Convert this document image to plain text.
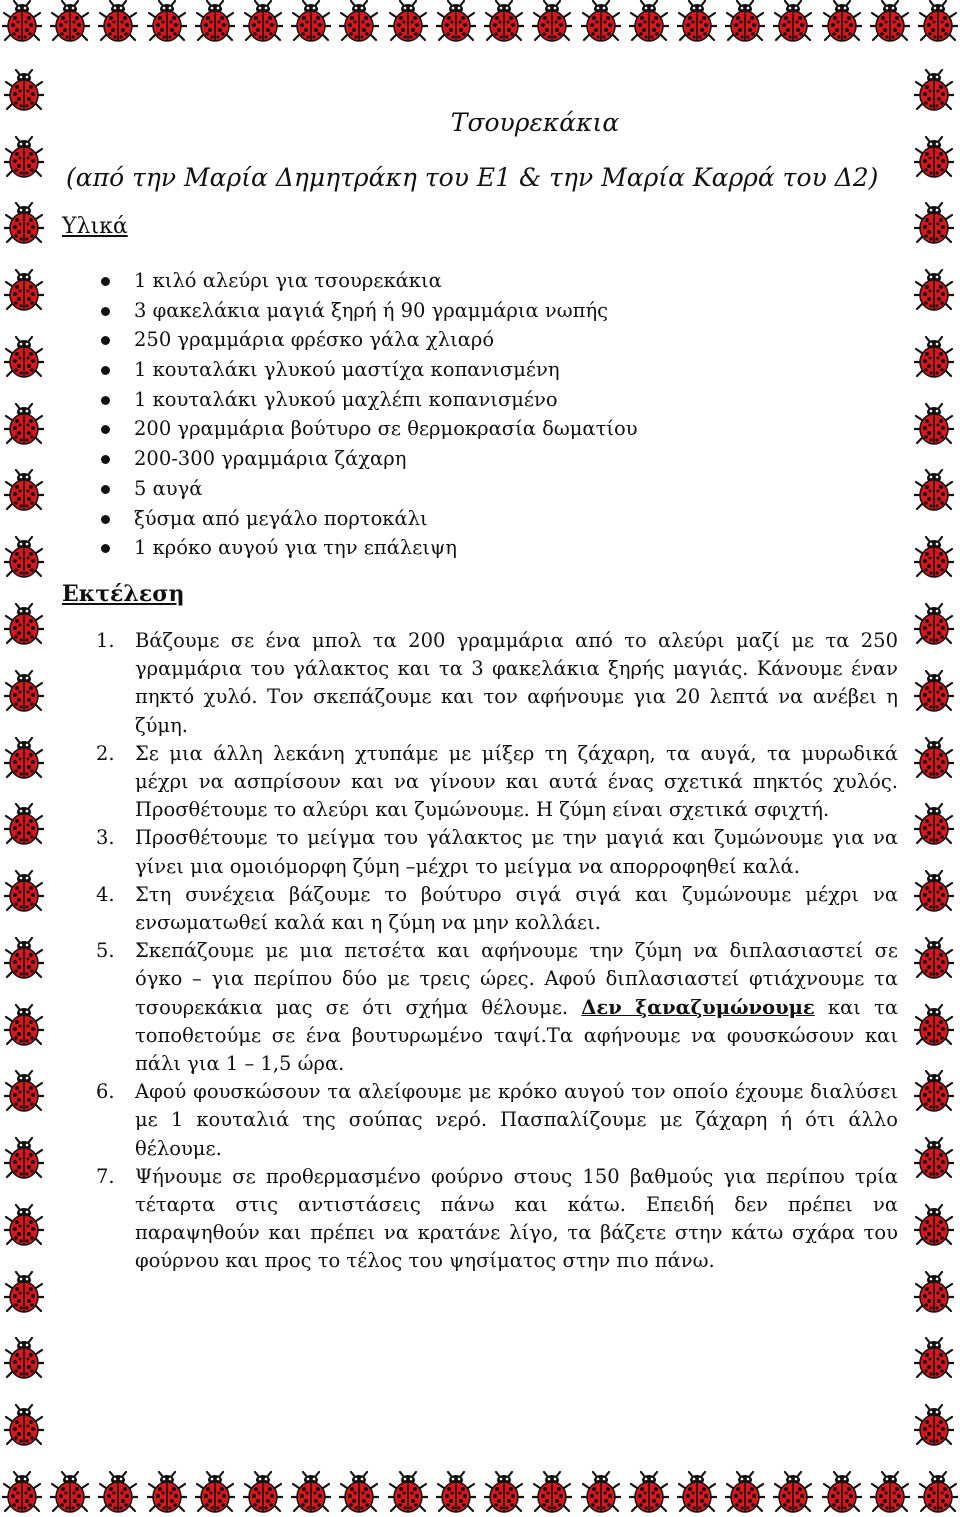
Τσουρεκάκια
(από την Μαρία Δημητράκη του Ε1 & την Μαρία Καρρά του Δ2)
Υλικά
1 κιλό αλεύρι για τσουρεκάκια
3 φακελάκια μαγιά ξηρή ή 90 γραμμάρια νωπής
250 γραμμάρια φρέσκο γάλα χλιαρό
1 κουταλάκι γλυκού μαστίχα κοπανισμένη
1 κουταλάκι γλυκού μαχλέπι κοπανισμένο
200 γραμμάρια βούτυρο σε θερμοκρασία δωματίου
200-300 γραμμάρια ζάχαρη
5 αυγά
ξύσμα από μεγάλο πορτοκάλι
1 κρόκο αυγού για την επάλειψη
Εκτέλεση
1. Βάζουμε σε ένα μπολ τα 200 γραμμάρια από το αλεύρι μαζί με τα 250 γραμμάρια του γάλακτος και τα 3 φακελάκια ξηρής μαγιάς. Κάνουμε έναν πηκτό χυλό. Τον σκεπάζουμε και τον αφήνουμε για 20 λεπτά να ανέβει η ζύμη.
2. Σε μια άλλη λεκάνη χτυπάμε με μίξερ τη ζάχαρη, τα αυγά, τα μυρωδικά μέχρι να ασπρίσουν και να γίνουν και αυτά ένας σχετικά πηκτός χυλός. Προσθέτουμε το αλεύρι και ζυμώνουμε. Η ζύμη είναι σχετικά σφιχτή.
3. Προσθέτουμε το μείγμα του γάλακτος με την μαγιά και ζυμώνουμε για να γίνει μια ομοιόμορφη ζύμη –μέχρι το μείγμα να απορροφηθεί καλά.
4. Στη συνέχεια βάζουμε το βούτυρο σιγά σιγά και ζυμώνουμε μέχρι να ενσωματωθεί καλά και η ζύμη να μην κολλάει.
5. Σκεπάζουμε με μια πετσέτα και αφήνουμε την ζύμη να διπλασιαστεί σε όγκο – για περίπου δύο με τρεις ώρες. Αφού διπλασιαστεί φτιάχνουμε τα τσουρεκάκια μας σε ότι σχήμα θέλουμε. Δεν ξαναζυμώνουμε και τα τοποθετούμε σε ένα βουτυρωμένο ταψί.Τα αφήνουμε να φουσκώσουν και πάλι για 1 – 1,5 ώρα.
6. Αφού φουσκώσουν τα αλείφουμε με κρόκο αυγού τον οποίο έχουμε διαλύσει με 1 κουταλιά της σούπας νερό. Πασπαλίζουμε με ζάχαρη ή ότι άλλο θέλουμε.
7. Ψήνουμε σε προθερμασμένο φούρνο στους 150 βαθμούς για περίπου τρία τέταρτα στις αντιστάσεις πάνω και κάτω. Επειδή δεν πρέπει να παραψηθούν και πρέπει να κρατάνε λίγο, τα βάζετε στην κάτω σχάρα του φούρνου και προς το τέλος του ψησίματος στην πιο πάνω.
